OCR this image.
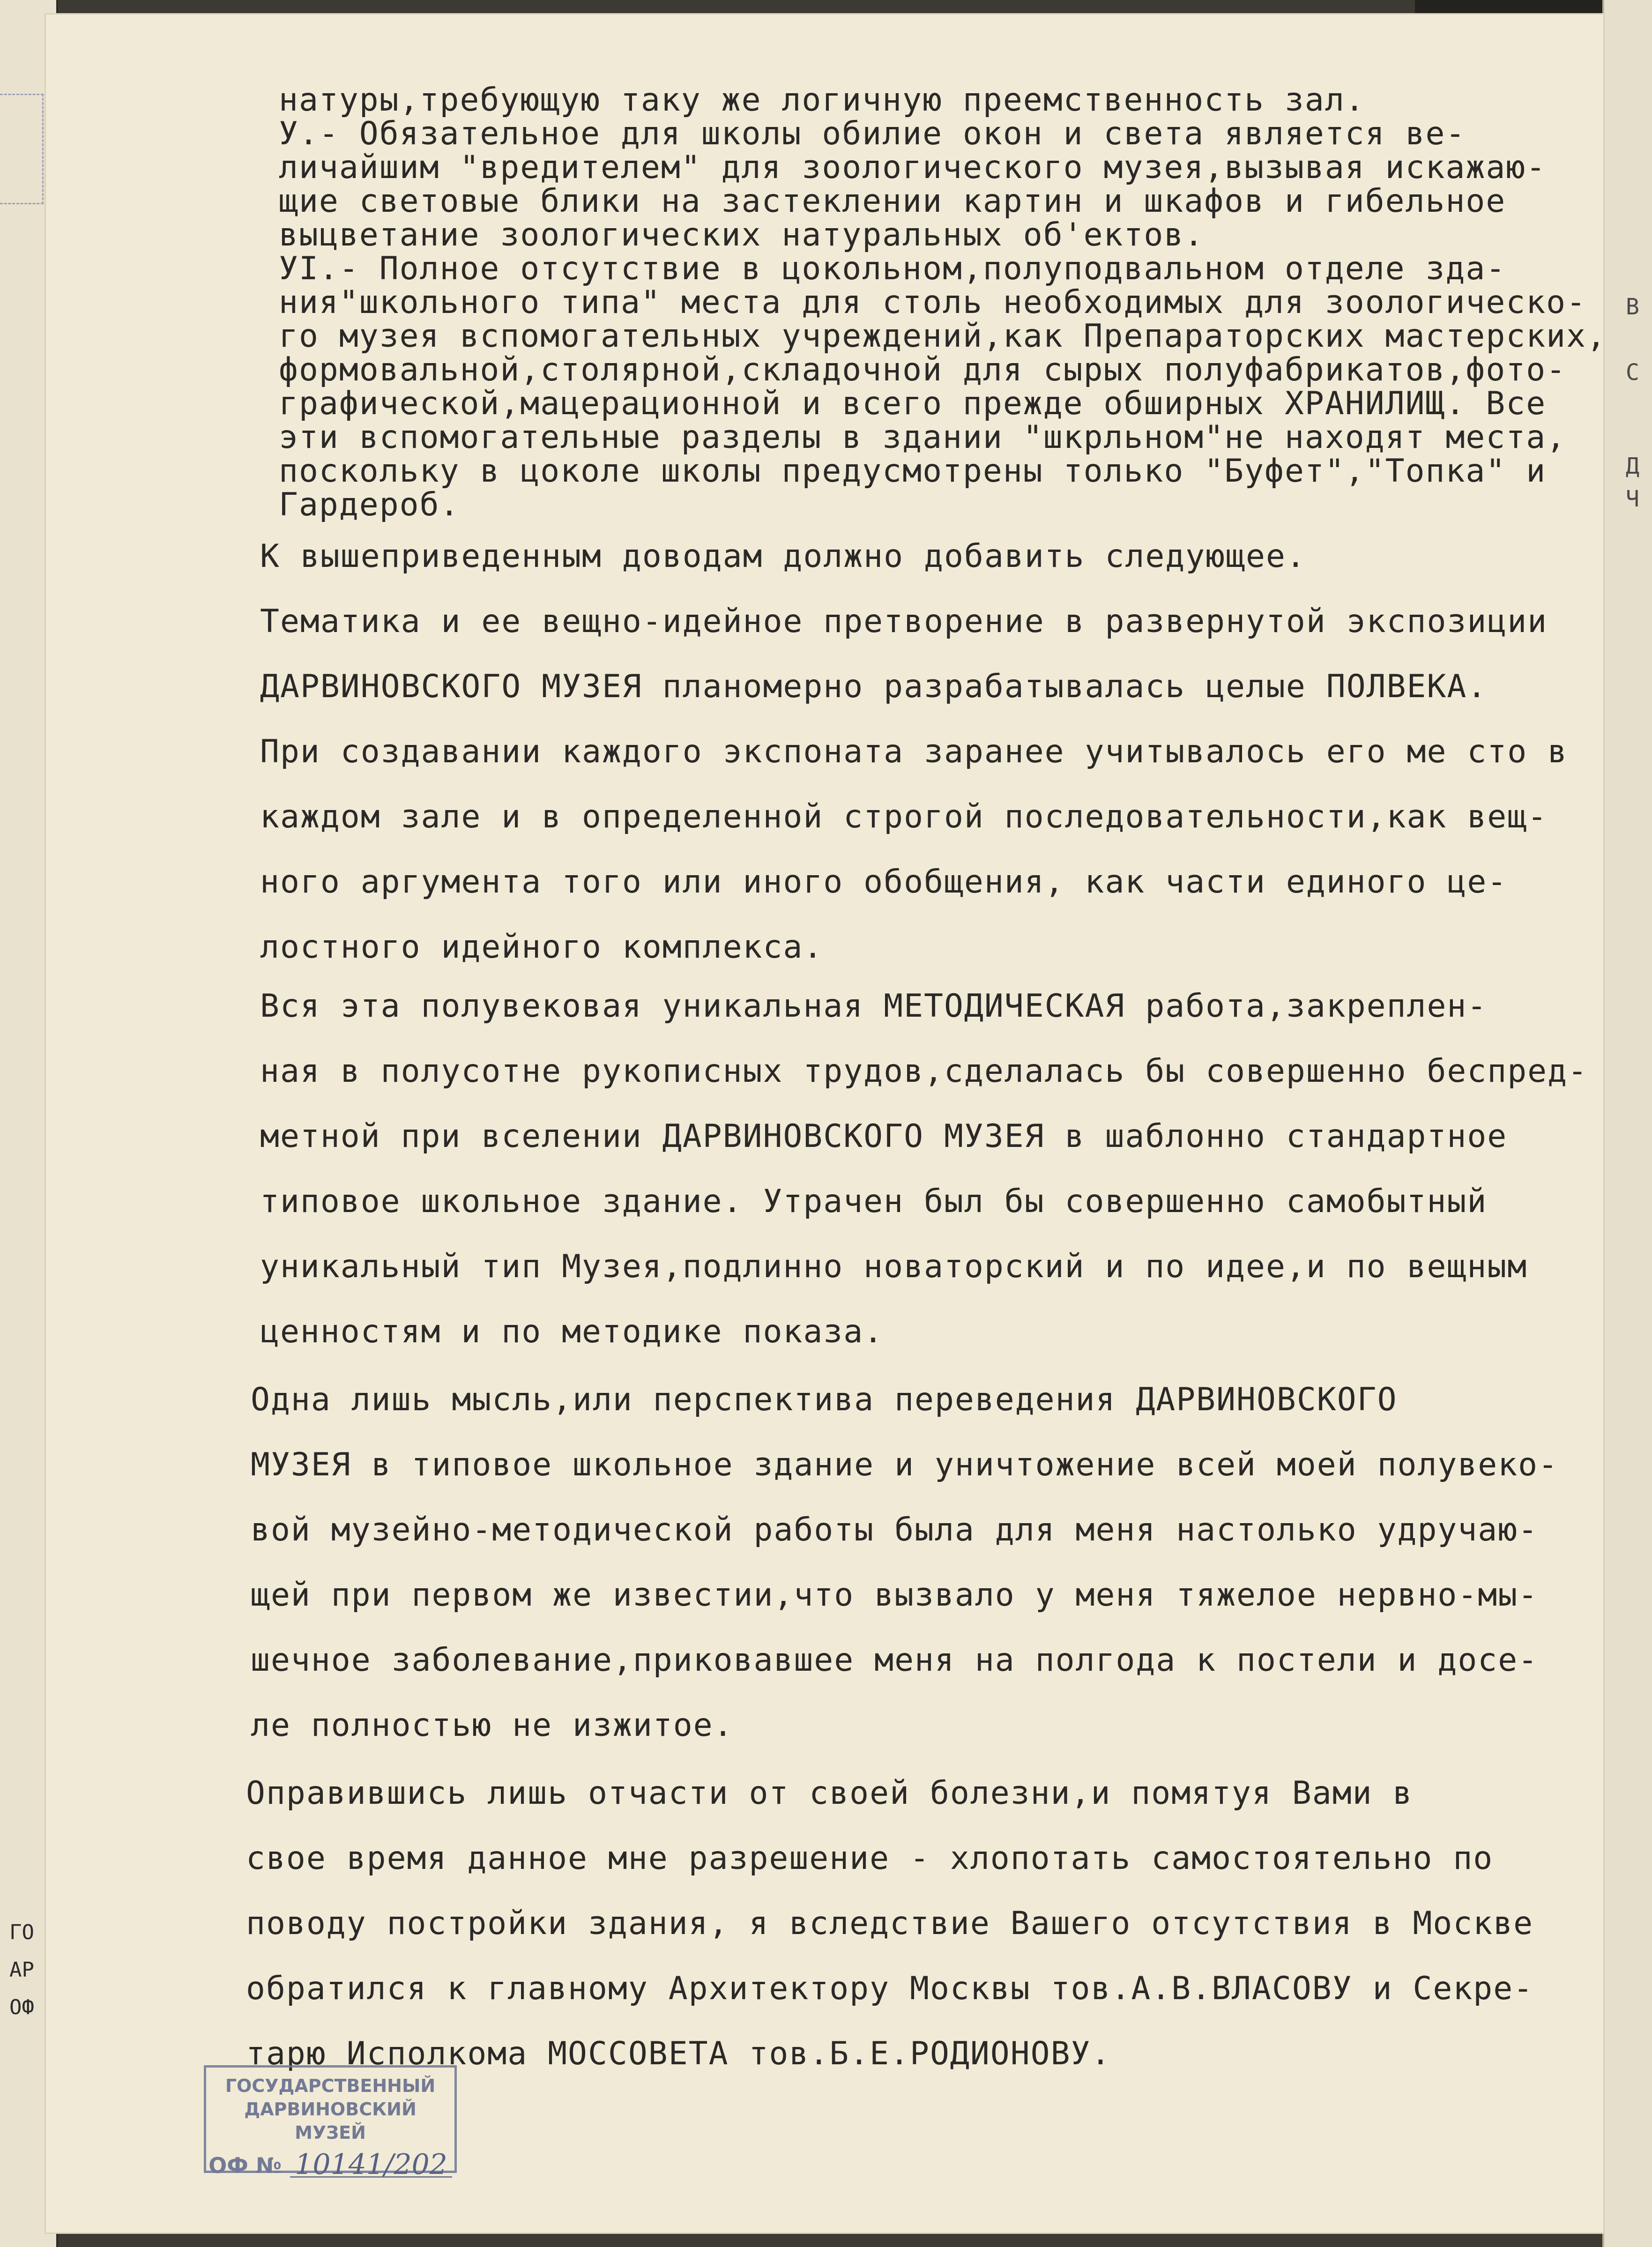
ГО
АР
ОФ
В
С
Д
Ч
натуры,требующую таку же логичную преемственность зал.
У.- Обязательное для школы обилие окон и света является ве-
личайшим "вредителем" для зоологического музея,вызывая искажаю-
щие световые блики на застеклении картин и шкафов и гибельное
выцветание зоологических натуральных об'ектов.
УI.- Полное отсутствие в цокольном,полуподвальном отделе зда-
ния"школьного типа" места для столь необходимых для зоологическо-
го музея вспомогательных учреждений,как Препараторских мастерских,
формовальной,столярной,складочной для сырых полуфабрикатов,фото-
графической,мацерационной и всего прежде обширных ХРАНИЛИЩ. Все
эти вспомогательные разделы в здании "шкрльном"не находят места,
поскольку в цоколе школы предусмотрены только "Буфет","Топка" и
Гардероб.
К вышеприведенным доводам должно добавить следующее.
Тематика и ее вещно-идейное претворение в развернутой экспозиции
ДАРВИНОВСКОГО МУЗЕЯ планомерно разрабатывалась целые ПОЛВЕКА.
При создавании каждого экспоната заранее учитывалось его ме сто в
каждом зале и в определенной строгой последовательности,как вещ-
ного аргумента того или иного обобщения, как части единого це-
лостного идейного комплекса.
Вся эта полувековая уникальная МЕТОДИЧЕСКАЯ работа,закреплен-
ная в полусотне рукописных трудов,сделалась бы совершенно беспред-
метной при вселении ДАРВИНОВСКОГО МУЗЕЯ в шаблонно стандартное
типовое школьное здание. Утрачен был бы совершенно самобытный
уникальный тип Музея,подлинно новаторский и по идее,и по вещным
ценностям и по методике показа.
Одна лишь мысль,или перспектива переведения ДАРВИНОВСКОГО
МУЗЕЯ в типовое школьное здание и уничтожение всей моей полувеко-
вой музейно-методической работы была для меня настолько удручаю-
щей при первом же известии,что вызвало у меня тяжелое нервно-мы-
шечное заболевание,приковавшее меня на полгода к постели и досе-
ле полностью не изжитое.
Оправившись лишь отчасти от своей болезни,и помятуя Вами в
свое время данное мне разрешение - хлопотать самостоятельно по
поводу постройки здания, я вследствие Вашего отсутствия в Москве
обратился к главному Архитектору Москвы тов.А.В.ВЛАСОВУ и Секре-
тарю Исполкома МОССОВЕТА тов.Б.Е.РОДИОНОВУ.
ГОСУДАРСТВЕННЫЙ
ДАРВИНОВСКИЙ МУЗЕЙ
ОФ № 10141/202
